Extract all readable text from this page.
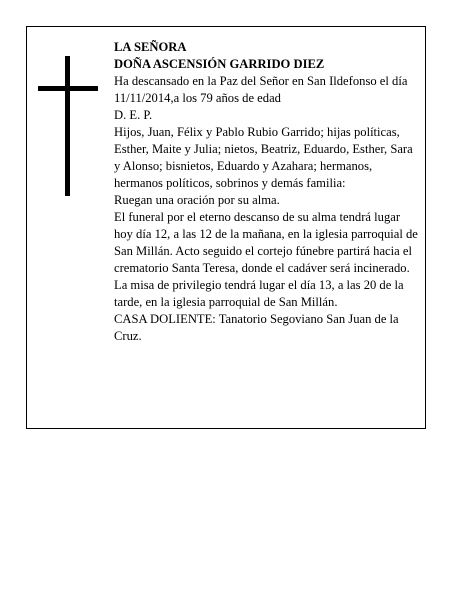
LA SEÑORA

DOÑA ASCENSIÓN GARRIDO DIEZ

Ha descansado en la Paz del Señor en San Ildefonso el día 11/11/2014,a los 79 años de edad

D. E. P.

Hijos, Juan, Félix y Pablo Rubio Garrido; hijas políticas, Esther, Maite y Julia; nietos, Beatriz, Eduardo, Esther, Sara y Alonso; bisnietos, Eduardo y Azahara; hermanos, hermanos políticos, sobrinos y demás familia:

Ruegan una oración por su alma.

El funeral por el eterno descanso de su alma tendrá lugar hoy día 12, a las 12 de la mañana, en la iglesia parroquial de San Millán. Acto seguido el cortejo fúnebre partirá hacia el crematorio Santa Teresa, donde el cadáver será incinerado. La misa de privilegio tendrá lugar el día 13, a las 20 de la tarde, en la iglesia parroquial de San Millán.

CASA DOLIENTE: Tanatorio Segoviano San Juan de la Cruz.
